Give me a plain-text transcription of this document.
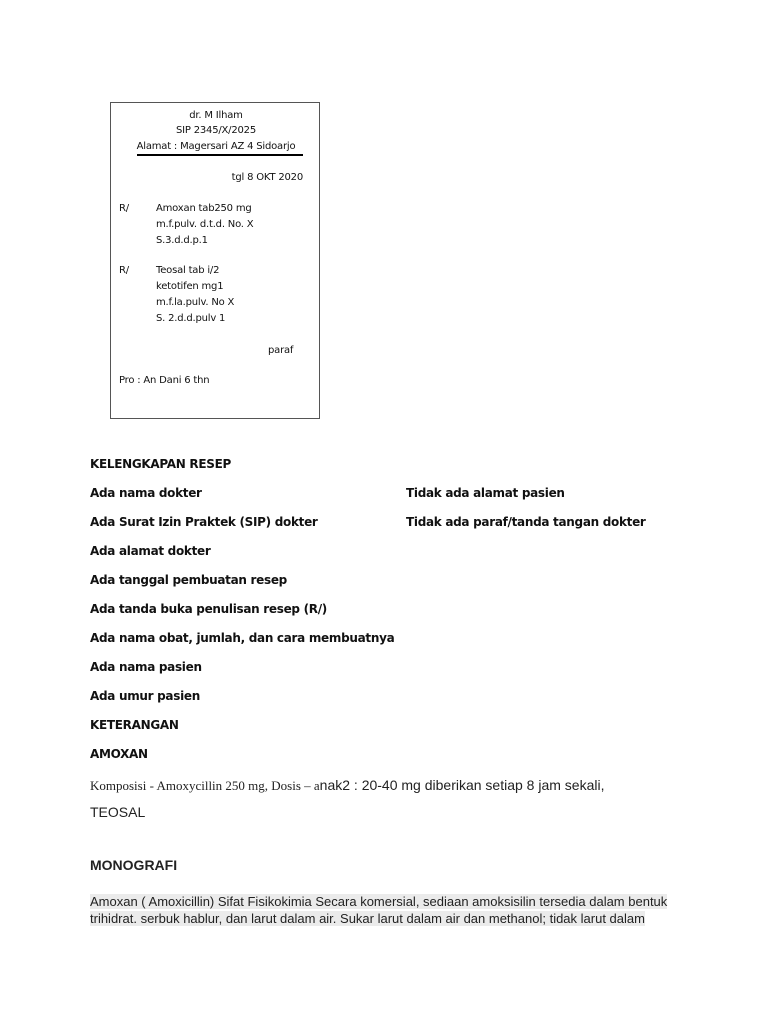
dr. M Ilham
SIP 2345/X/2025
Alamat : Magersari AZ 4 Sidoarjo
tgl 8 OKT 2020
R/	Amoxan tab250 mg
m.f.pulv. d.t.d. No. X
S.3.d.d.p.1
R/	Teosal tab i/2
ketotifen mg1
m.f.la.pulv. No X
S. 2.d.d.pulv 1
paraf
Pro : An Dani 6 thn
KELENGKAPAN RESEP
Ada nama dokter
Ada Surat Izin Praktek (SIP) dokter
Ada alamat dokter
Ada tanggal pembuatan resep
Ada tanda buka penulisan resep (R/)
Ada nama obat, jumlah, dan cara membuatnya
Ada nama pasien
Ada umur pasien
Tidak ada alamat pasien
Tidak ada paraf/tanda tangan dokter
KETERANGAN
AMOXAN
Komposisi - Amoxycillin 250 mg, Dosis – anak2 : 20-40 mg diberikan setiap 8 jam sekali,
TEOSAL
MONOGRAFI
Amoxan ( Amoxicillin) Sifat Fisikokimia Secara komersial, sediaan amoksisilin tersedia dalam bentuk
trihidrat. serbuk hablur, dan larut dalam air. Sukar larut dalam air dan methanol; tidak larut dalam
